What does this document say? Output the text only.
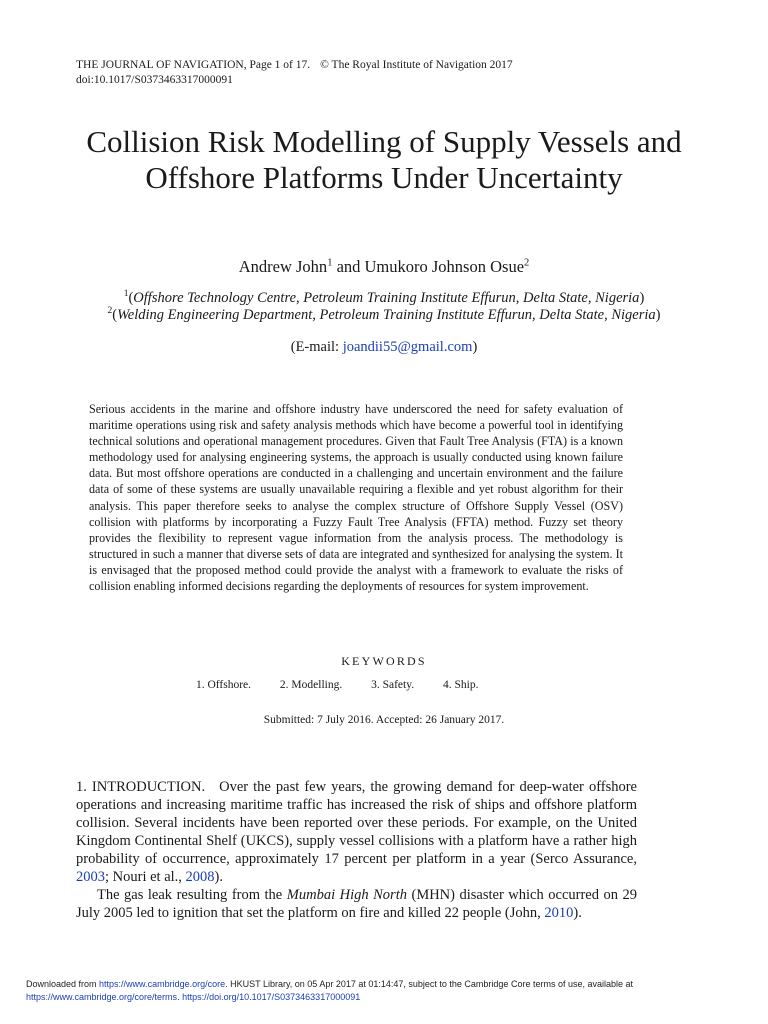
THE JOURNAL OF NAVIGATION, Page 1 of 17. © The Royal Institute of Navigation 2017
doi:10.1017/S0373463317000091
Collision Risk Modelling of Supply Vessels and Offshore Platforms Under Uncertainty
Andrew John$^1$ and Umukoro Johnson Osue$^2$
$^1$(Offshore Technology Centre, Petroleum Training Institute Effurun, Delta State, Nigeria)
$^2$(Welding Engineering Department, Petroleum Training Institute Effurun, Delta State, Nigeria)
(E-mail: joandii55@gmail.com)

Serious accidents in the marine and offshore industry have underscored the need for safety evaluation of maritime operations using risk and safety analysis methods which have become a powerful tool in identifying technical solutions and operational management procedures. Given that Fault Tree Analysis (FTA) is a known methodology used for analysing engineering systems, the approach is usually conducted using known failure data. But most offshore operations are conducted in a challenging and uncertain environment and the failure data of some of these systems are usually unavailable requiring a flexible and yet robust algorithm for their analysis. This paper therefore seeks to analyse the complex structure of Offshore Supply Vessel (OSV) collision with platforms by incorporating a Fuzzy Fault Tree Analysis (FFTA) method. Fuzzy set theory provides the flexibility to represent vague information from the analysis process. The methodology is structured in such a manner that diverse sets of data are integrated and synthesized for analysing the system. It is envisaged that the proposed method could provide the analyst with a framework to evaluate the risks of collision enabling informed decisions regarding the deployments of resources for system improvement.

KEYWORDS
1. Offshore.	2. Modelling.	3. Safety.	4. Ship.
Submitted: 7 July 2016. Accepted: 26 January 2017.

1. INTRODUCTION. Over the past few years, the growing demand for deep-water offshore operations and increasing maritime traffic has increased the risk of ships and offshore platform collision. Several incidents have been reported over these periods. For example, on the United Kingdom Continental Shelf (UKCS), supply vessel collisions with a platform have a rather high probability of occurrence, approximately 17 percent per platform in a year (Serco Assurance, 2003; Nouri et al., 2008).

The gas leak resulting from the Mumbai High North (MHN) disaster which occurred on 29 July 2005 led to ignition that set the platform on fire and killed 22 people (John, 2010).

Downloaded from https://www.cambridge.org/core. HKUST Library, on 05 Apr 2017 at 01:14:47, subject to the Cambridge Core terms of use, available at
https://www.cambridge.org/core/terms. https://doi.org/10.1017/S0373463317000091
